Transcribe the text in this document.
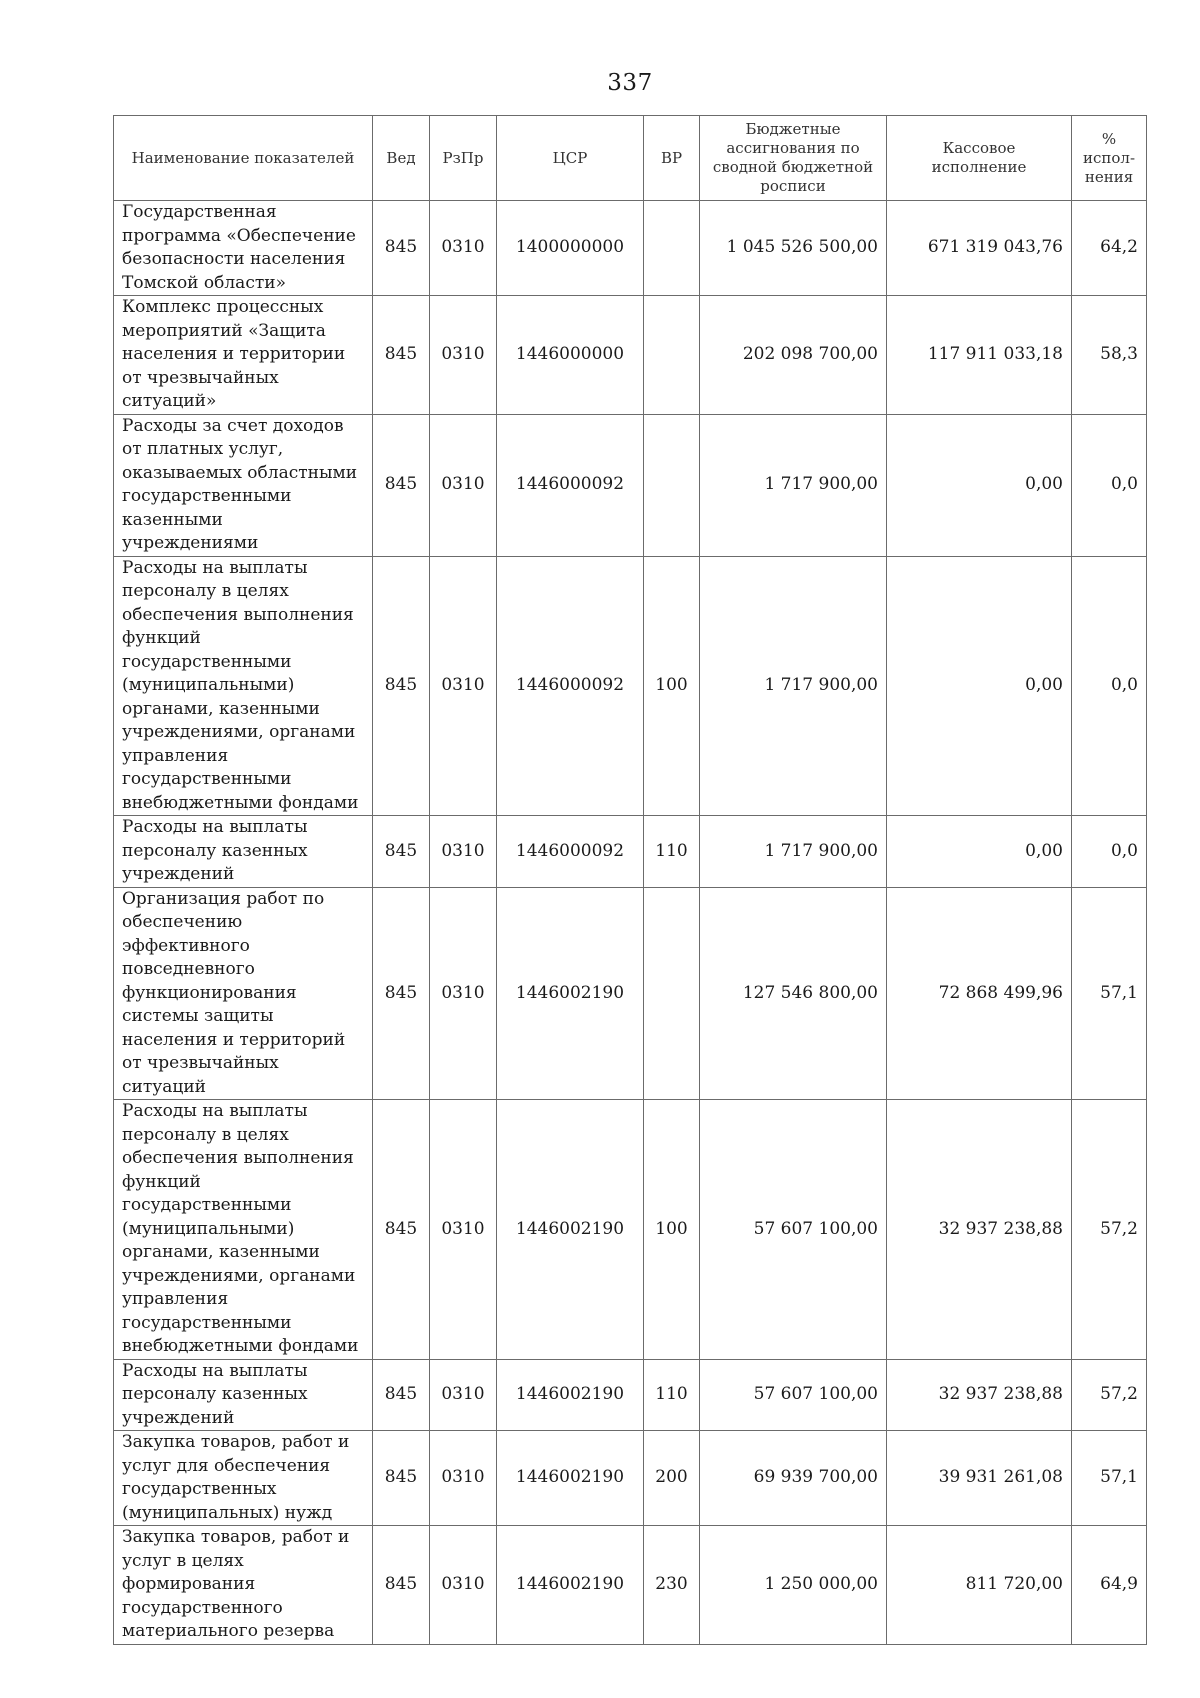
337
Наименование показателей	Вед	РзПр	ЦСР	ВР	Бюджетные ассигнования по сводной бюджетной росписи	Кассовое исполнение	% испол-нения
Государственная программа «Обеспечение безопасности населения Томской области»	845	0310	1400000000		1 045 526 500,00	671 319 043,76	64,2
Комплекс процессных мероприятий «Защита населения и территории от чрезвычайных ситуаций»	845	0310	1446000000		202 098 700,00	117 911 033,18	58,3
Расходы за счет доходов от платных услуг, оказываемых областными государственными казенными учреждениями	845	0310	1446000092		1 717 900,00	0,00	0,0
Расходы на выплаты персоналу в целях обеспечения выполнения функций государственными (муниципальными) органами, казенными учреждениями, органами управления государственными внебюджетными фондами	845	0310	1446000092	100	1 717 900,00	0,00	0,0
Расходы на выплаты персоналу казенных учреждений	845	0310	1446000092	110	1 717 900,00	0,00	0,0
Организация работ по обеспечению эффективного повседневного функционирования системы защиты населения и территорий от чрезвычайных ситуаций	845	0310	1446002190		127 546 800,00	72 868 499,96	57,1
Расходы на выплаты персоналу в целях обеспечения выполнения функций государственными (муниципальными) органами, казенными учреждениями, органами управления государственными внебюджетными фондами	845	0310	1446002190	100	57 607 100,00	32 937 238,88	57,2
Расходы на выплаты персоналу казенных учреждений	845	0310	1446002190	110	57 607 100,00	32 937 238,88	57,2
Закупка товаров, работ и услуг для обеспечения государственных (муниципальных) нужд	845	0310	1446002190	200	69 939 700,00	39 931 261,08	57,1
Закупка товаров, работ и услуг в целях формирования государственного материального резерва	845	0310	1446002190	230	1 250 000,00	811 720,00	64,9
